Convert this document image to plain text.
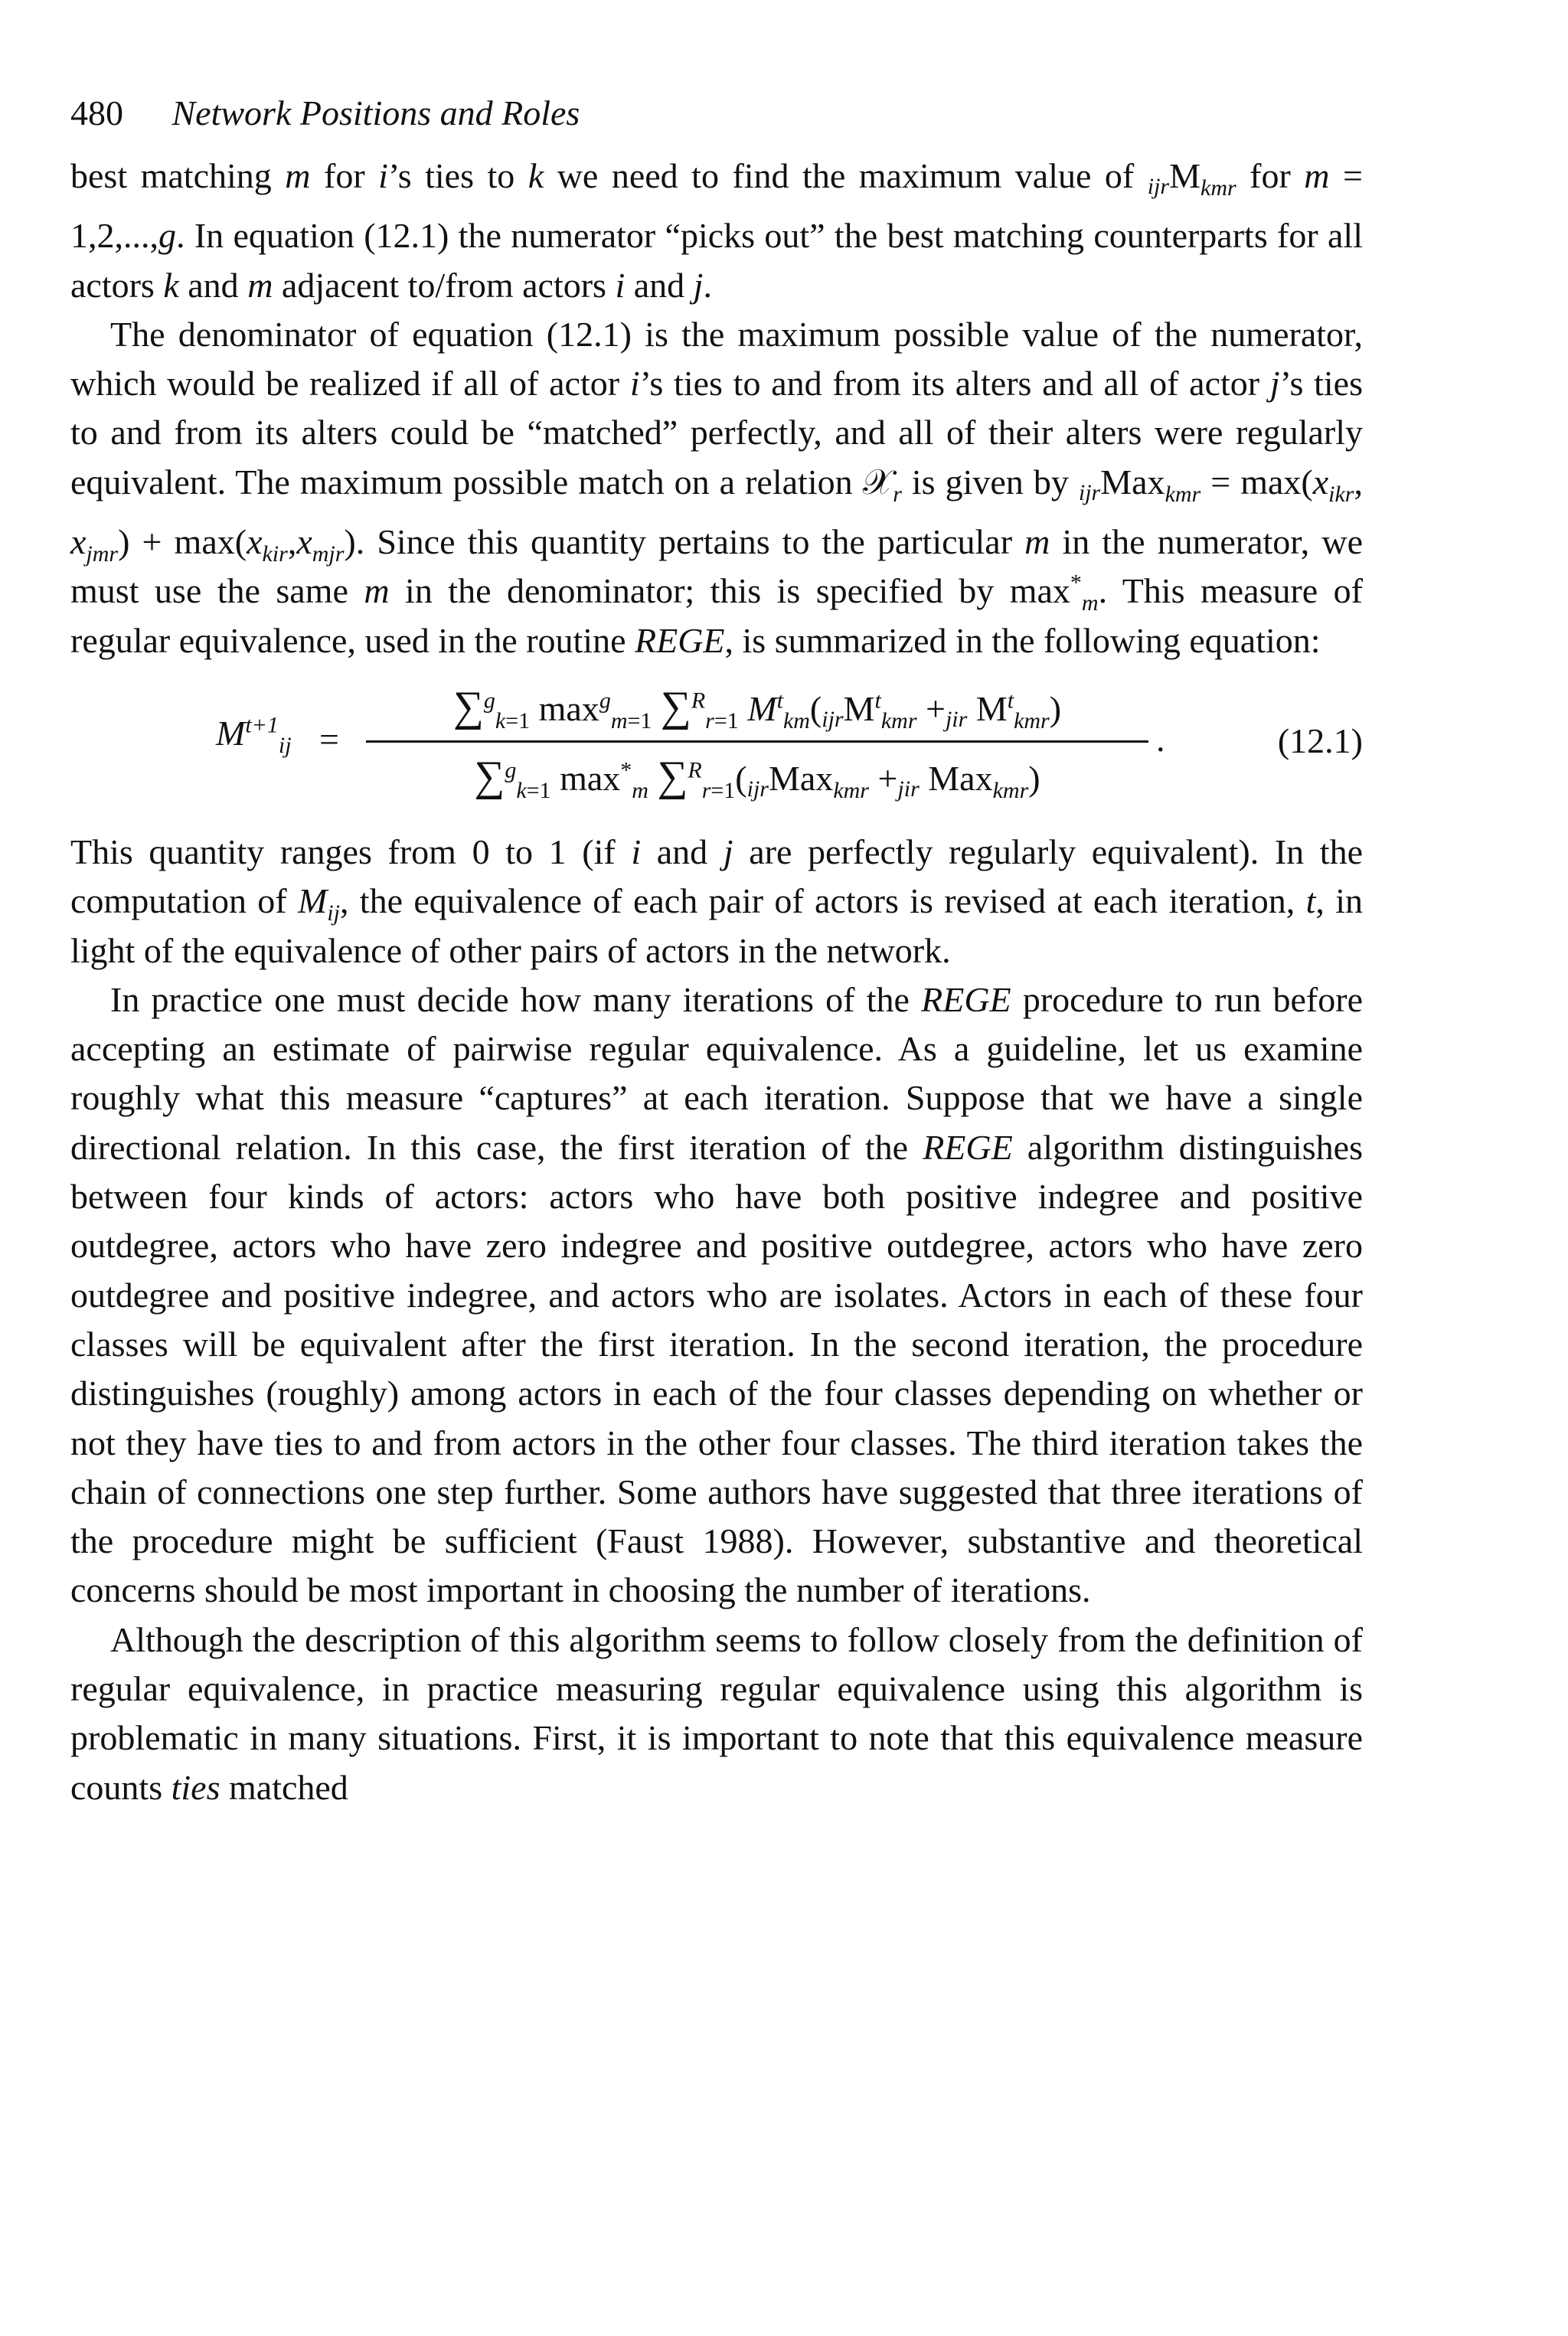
480 Network Positions and Roles

best matching m for i’s ties to k we need to find the maximum value of ijrM$_{kmr}$ for m = 1,2,...,g. In equation (12.1) the numerator “picks out” the best matching counterparts for all actors k and m adjacent to/from actors i and j.

The denominator of equation (12.1) is the maximum possible value of the numerator, which would be realized if all of actor i’s ties to and from its alters and all of actor j’s ties to and from its alters could be “matched” perfectly, and all of their alters were regularly equivalent. The maximum possible match on a relation 𝒳$_r$ is given by ijrMax$_{kmr}$ = $\max(x_{ikr}$, $x_{jmr}) + \max(x_{kir},x_{mjr})$. Since this quantity pertains to the particular m in the numerator, we must use the same m in the denominator; this is specified by $\max^*_m$. This measure of regular equivalence, used in the routine REGE, is summarized in the following equation:

$M^{t+1}_{ij}$ =
∑$^g_{k=1}$ $\max^g_{m=1} \sum^R_{r=1}$ $M^t_{km}(ijrM^t_{kmr} +jir$ $M^t_{kmr}$)
∑$^g_{k=1}$ $\max^*_m$ ∑$^R_{r=1}$(ijrMax$_{kmr}$ +jir Max$_{kmr}$)
.	(12.1)

This quantity ranges from 0 to 1 (if i and j are perfectly regularly equivalent). In the computation of $M_{ij}$, the equivalence of each pair of actors is revised at each iteration, t, in light of the equivalence of other pairs of actors in the network.

In practice one must decide how many iterations of the REGE procedure to run before accepting an estimate of pairwise regular equivalence. As a guideline, let us examine roughly what this measure “captures” at each iteration. Suppose that we have a single directional relation. In this case, the first iteration of the REGE algorithm distinguishes between four kinds of actors: actors who have both positive indegree and positive outdegree, actors who have zero indegree and positive outdegree, actors who have zero outdegree and positive indegree, and actors who are isolates. Actors in each of these four classes will be equivalent after the first iteration. In the second iteration, the procedure distinguishes (roughly) among actors in each of the four classes depending on whether or not they have ties to and from actors in the other four classes. The third iteration takes the chain of connections one step further. Some authors have suggested that three iterations of the procedure might be sufficient (Faust 1988). However, substantive and theoretical concerns should be most important in choosing the number of iterations.

Although the description of this algorithm seems to follow closely from the definition of regular equivalence, in practice measuring regular equivalence using this algorithm is problematic in many situations. First, it is important to note that this equivalence measure counts ties matched
